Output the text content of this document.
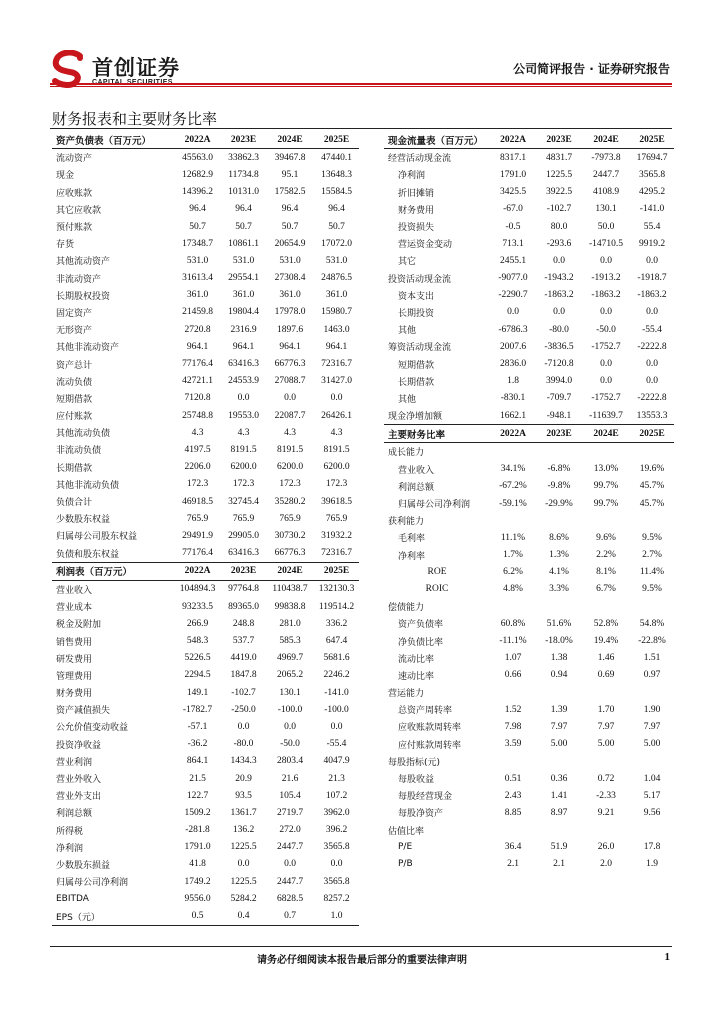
首创证券	公司简评报告 · 证券研究报告
财务报表和主要财务比率
资产负债表（百万元）	2022A	2023E	2024E	2025E
流动资产	45563.0	33862.3	39467.8	47440.1
现金	12682.9	11734.8	95.1	13648.3
应收账款	14396.2	10131.0	17582.5	15584.5
其它应收款	96.4	96.4	96.4	96.4
预付账款	50.7	50.7	50.7	50.7
存货	17348.7	10861.1	20654.9	17072.0
其他流动资产	531.0	531.0	531.0	531.0
非流动资产	31613.4	29554.1	27308.4	24876.5
长期股权投资	361.0	361.0	361.0	361.0
固定资产	21459.8	19804.4	17978.0	15980.7
无形资产	2720.8	2316.9	1897.6	1463.0
其他非流动资产	964.1	964.1	964.1	964.1
资产总计	77176.4	63416.3	66776.3	72316.7
流动负债	42721.1	24553.9	27088.7	31427.0
短期借款	7120.8	0.0	0.0	0.0
应付账款	25748.8	19553.0	22087.7	26426.1
其他流动负债	4.3	4.3	4.3	4.3
非流动负债	4197.5	8191.5	8191.5	8191.5
长期借款	2206.0	6200.0	6200.0	6200.0
其他非流动负债	172.3	172.3	172.3	172.3
负债合计	46918.5	32745.4	35280.2	39618.5
少数股东权益	765.9	765.9	765.9	765.9
归属母公司股东权益	29491.9	29905.0	30730.2	31932.2
负债和股东权益	77176.4	63416.3	66776.3	72316.7
利润表（百万元）	2022A	2023E	2024E	2025E
营业收入	104894.3	97764.8	110438.7	132130.3
营业成本	93233.5	89365.0	99838.8	119514.2
税金及附加	266.9	248.8	281.0	336.2
销售费用	548.3	537.7	585.3	647.4
研发费用	5226.5	4419.0	4969.7	5681.6
管理费用	2294.5	1847.8	2065.2	2246.2
财务费用	149.1	-102.7	130.1	-141.0
资产减值损失	-1782.7	-250.0	-100.0	-100.0
公允价值变动收益	-57.1	0.0	0.0	0.0
投资净收益	-36.2	-80.0	-50.0	-55.4
营业利润	864.1	1434.3	2803.4	4047.9
营业外收入	21.5	20.9	21.6	21.3
营业外支出	122.7	93.5	105.4	107.2
利润总额	1509.2	1361.7	2719.7	3962.0
所得税	-281.8	136.2	272.0	396.2
净利润	1791.0	1225.5	2447.7	3565.8
少数股东损益	41.8	0.0	0.0	0.0
归属母公司净利润	1749.2	1225.5	2447.7	3565.8
EBITDA	9556.0	5284.2	6828.5	8257.2
EPS（元）	0.5	0.4	0.7	1.0
现金流量表（百万元）	2022A	2023E	2024E	2025E
经营活动现金流	8317.1	4831.7	-7973.8	17694.7
净利润	1791.0	1225.5	2447.7	3565.8
折旧摊销	3425.5	3922.5	4108.9	4295.2
财务费用	-67.0	-102.7	130.1	-141.0
投资损失	-0.5	80.0	50.0	55.4
营运资金变动	713.1	-293.6	-14710.5	9919.2
其它	2455.1	0.0	0.0	0.0
投资活动现金流	-9077.0	-1943.2	-1913.2	-1918.7
资本支出	-2290.7	-1863.2	-1863.2	-1863.2
长期投资	0.0	0.0	0.0	0.0
其他	-6786.3	-80.0	-50.0	-55.4
筹资活动现金流	2007.6	-3836.5	-1752.7	-2222.8
短期借款	2836.0	-7120.8	0.0	0.0
长期借款	1.8	3994.0	0.0	0.0
其他	-830.1	-709.7	-1752.7	-2222.8
现金净增加额	1662.1	-948.1	-11639.7	13553.3
主要财务比率	2022A	2023E	2024E	2025E
成长能力				
营业收入	34.1%	-6.8%	13.0%	19.6%
利润总额	-67.2%	-9.8%	99.7%	45.7%
归属母公司净利润	-59.1%	-29.9%	99.7%	45.7%
获利能力				
毛利率	11.1%	8.6%	9.6%	9.5%
净利率	1.7%	1.3%	2.2%	2.7%
ROE	6.2%	4.1%	8.1%	11.4%
ROIC	4.8%	3.3%	6.7%	9.5%
偿债能力				
资产负债率	60.8%	51.6%	52.8%	54.8%
净负债比率	-11.1%	-18.0%	19.4%	-22.8%
流动比率	1.07	1.38	1.46	1.51
速动比率	0.66	0.94	0.69	0.97
营运能力				
总资产周转率	1.52	1.39	1.70	1.90
应收账款周转率	7.98	7.97	7.97	7.97
应付账款周转率	3.59	5.00	5.00	5.00
每股指标(元)				
每股收益	0.51	0.36	0.72	1.04
每股经营现金	2.43	1.41	-2.33	5.17
每股净资产	8.85	8.97	9.21	9.56
估值比率				
P/E	36.4	51.9	26.0	17.8
P/B	2.1	2.1	2.0	1.9
请务必仔细阅读本报告最后部分的重要法律声明	1
